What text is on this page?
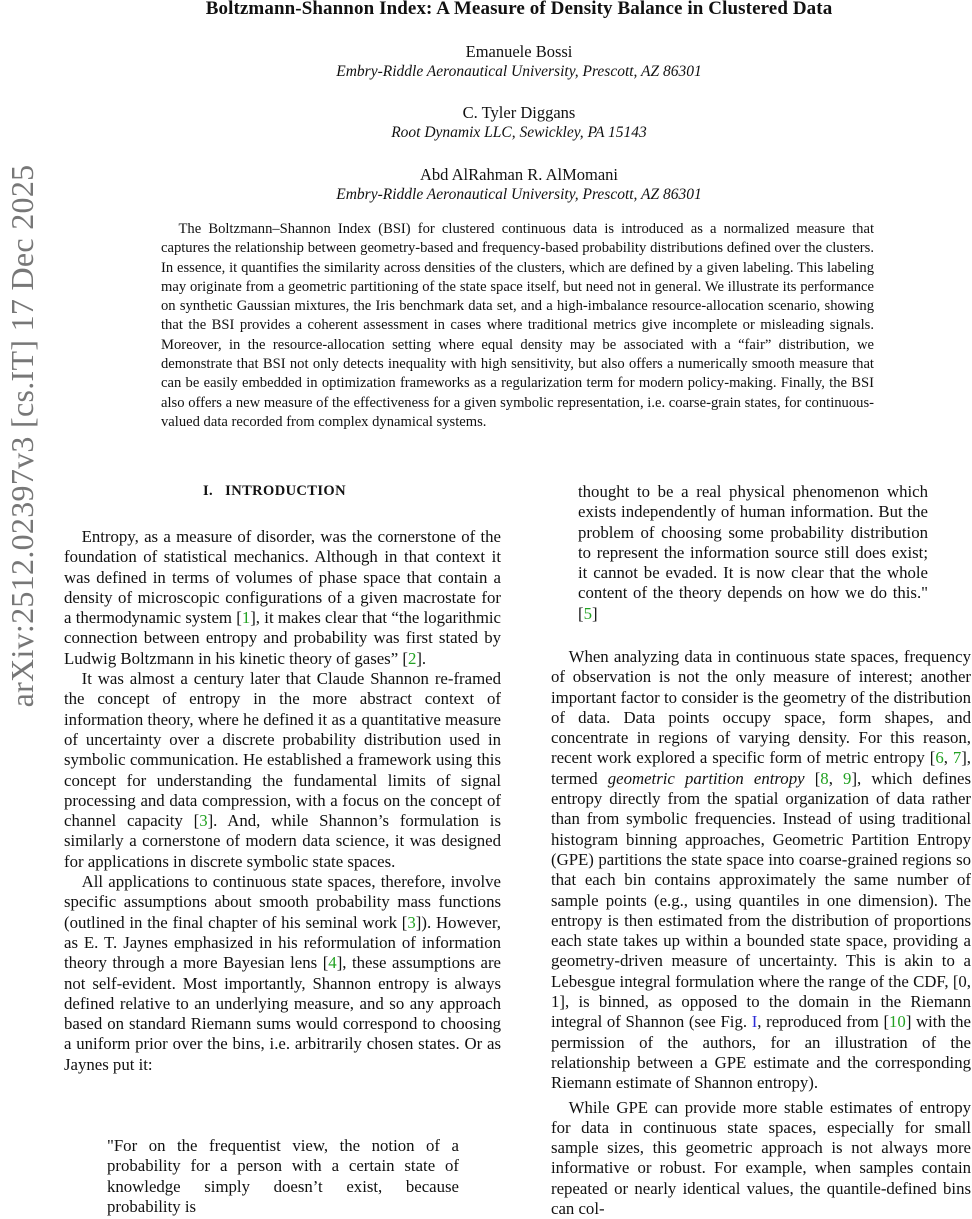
arXiv:2512.02397v3 [cs.IT] 17 Dec 2025
Boltzmann-Shannon Index: A Measure of Density Balance in Clustered Data
Emanuele Bossi
Embry-Riddle Aeronautical University, Prescott, AZ 86301
C. Tyler Diggans
Root Dynamix LLC, Sewickley, PA 15143
Abd AlRahman R. AlMomani
Embry-Riddle Aeronautical University, Prescott, AZ 86301
The Boltzmann–Shannon Index (BSI) for clustered continuous data is introduced as a normalized measure that captures the relationship between geometry-based and frequency-based probability distributions defined over the clusters. In essence, it quantifies the similarity across densities of the clusters, which are defined by a given labeling. This labeling may originate from a geometric partitioning of the state space itself, but need not in general. We illustrate its performance on synthetic Gaussian mixtures, the Iris benchmark data set, and a high-imbalance resource-allocation scenario, showing that the BSI provides a coherent assessment in cases where traditional metrics give incomplete or misleading signals. Moreover, in the resource-allocation setting where equal density may be associated with a “fair” distribution, we demonstrate that BSI not only detects inequality with high sensitivity, but also offers a numerically smooth measure that can be easily embedded in optimization frameworks as a regularization term for modern policy-making. Finally, the BSI also offers a new measure of the effectiveness for a given symbolic representation, i.e. coarse-grain states, for continuous-valued data recorded from complex dynamical systems.
I. INTRODUCTION

Entropy, as a measure of disorder, was the cornerstone of the foundation of statistical mechanics. Although in that context it was defined in terms of volumes of phase space that contain a density of microscopic configurations of a given macrostate for a thermodynamic system [1], it makes clear that “the logarithmic connection between entropy and probability was first stated by Ludwig Boltzmann in his kinetic theory of gases” [2].

It was almost a century later that Claude Shannon re-framed the concept of entropy in the more abstract context of information theory, where he defined it as a quantitative measure of uncertainty over a discrete probability distribution used in symbolic communication. He established a framework using this concept for understanding the fundamental limits of signal processing and data compression, with a focus on the concept of channel capacity [3]. And, while Shannon’s formulation is similarly a cornerstone of modern data science, it was designed for applications in discrete symbolic state spaces.

All applications to continuous state spaces, therefore, involve specific assumptions about smooth probability mass functions (outlined in the final chapter of his seminal work [3]). However, as E. T. Jaynes emphasized in his reformulation of information theory through a more Bayesian lens [4], these assumptions are not self-evident. Most importantly, Shannon entropy is always defined relative to an underlying measure, and so any approach based on standard Riemann sums would correspond to choosing a uniform prior over the bins, i.e. arbitrarily chosen states. Or as Jaynes put it:

"For on the frequentist view, the notion of a probability for a person with a certain state of knowledge simply doesn’t exist, because probability is
thought to be a real physical phenomenon which exists independently of human information. But the problem of choosing some probability distribution to represent the information source still does exist; it cannot be evaded. It is now clear that the whole content of the theory depends on how we do this." [5]

When analyzing data in continuous state spaces, frequency of observation is not the only measure of interest; another important factor to consider is the geometry of the distribution of data. Data points occupy space, form shapes, and concentrate in regions of varying density. For this reason, recent work explored a specific form of metric entropy [6, 7], termed geometric partition entropy [8, 9], which defines entropy directly from the spatial organization of data rather than from symbolic frequencies. Instead of using traditional histogram binning approaches, Geometric Partition Entropy (GPE) partitions the state space into coarse-grained regions so that each bin contains approximately the same number of sample points (e.g., using quantiles in one dimension). The entropy is then estimated from the distribution of proportions each state takes up within a bounded state space, providing a geometry-driven measure of uncertainty. This is akin to a Lebesgue integral formulation where the range of the CDF, [0, 1], is binned, as opposed to the domain in the Riemann integral of Shannon (see Fig. I, reproduced from [10] with the permission of the authors, for an illustration of the relationship between a GPE estimate and the corresponding Riemann estimate of Shannon entropy).

While GPE can provide more stable estimates of entropy for data in continuous state spaces, especially for small sample sizes, this geometric approach is not always more informative or robust. For example, when samples contain repeated or nearly identical values, the quantile-defined bins can col-
